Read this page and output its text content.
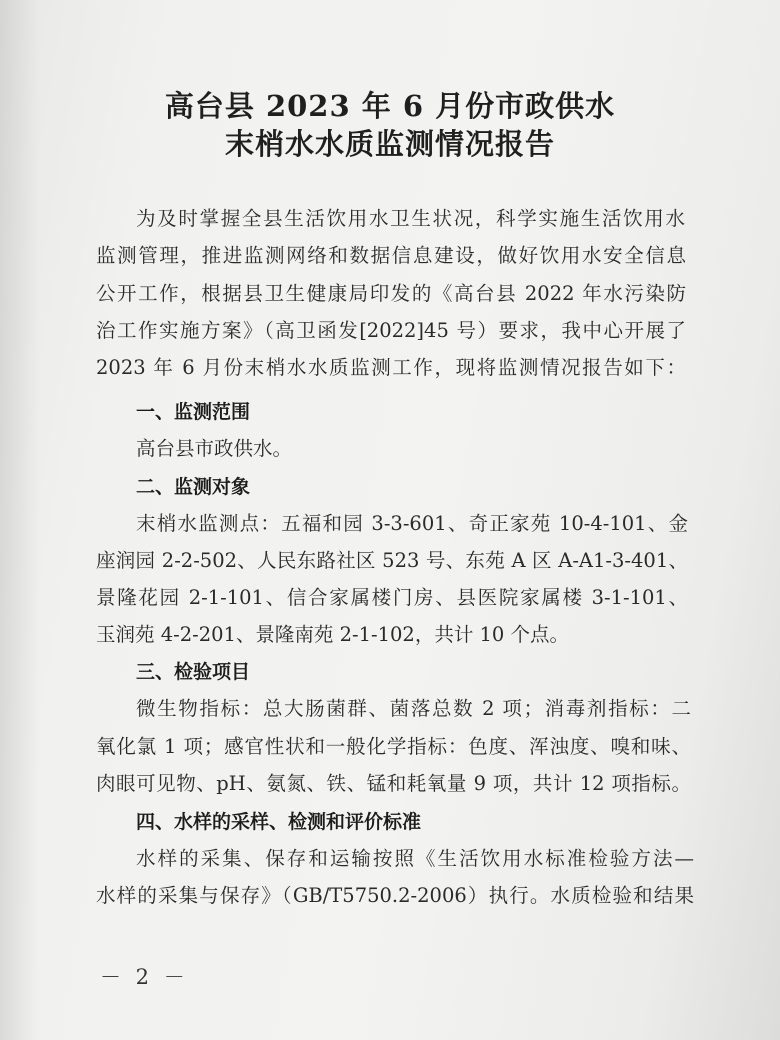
高台县 2023 年 6 月份市政供水
末梢水水质监测情况报告
为及时掌握全县生活饮用水卫生状况，科学实施生活饮用水
监测管理，推进监测网络和数据信息建设，做好饮用水安全信息
公开工作，根据县卫生健康局印发的《高台县 2022 年水污染防
治工作实施方案》（高卫函发[2022]45 号）要求，我中心开展了
2023 年 6 月份末梢水水质监测工作，现将监测情况报告如下：
一、监测范围
高台县市政供水。
二、监测对象
末梢水监测点：五福和园 3-3-601、奇正家苑 10-4-101、金
座润园 2-2-502、人民东路社区 523 号、东苑 A 区 A-A1-3-401、
景隆花园 2-1-101、信合家属楼门房、县医院家属楼 3-1-101、
玉润苑 4-2-201、景隆南苑 2-1-102，共计 10 个点。
三、检验项目
微生物指标：总大肠菌群、菌落总数 2 项；消毒剂指标：二
氧化氯 1 项；感官性状和一般化学指标：色度、浑浊度、嗅和味、
肉眼可见物、pH、氨氮、铁、锰和耗氧量 9 项，共计 12 项指标。
四、水样的采样、检测和评价标准
水样的采集、保存和运输按照《生活饮用水标准检验方法—
水样的采集与保存》（GB/T5750.2-2006）执行。水质检验和结果
－ 2 －
